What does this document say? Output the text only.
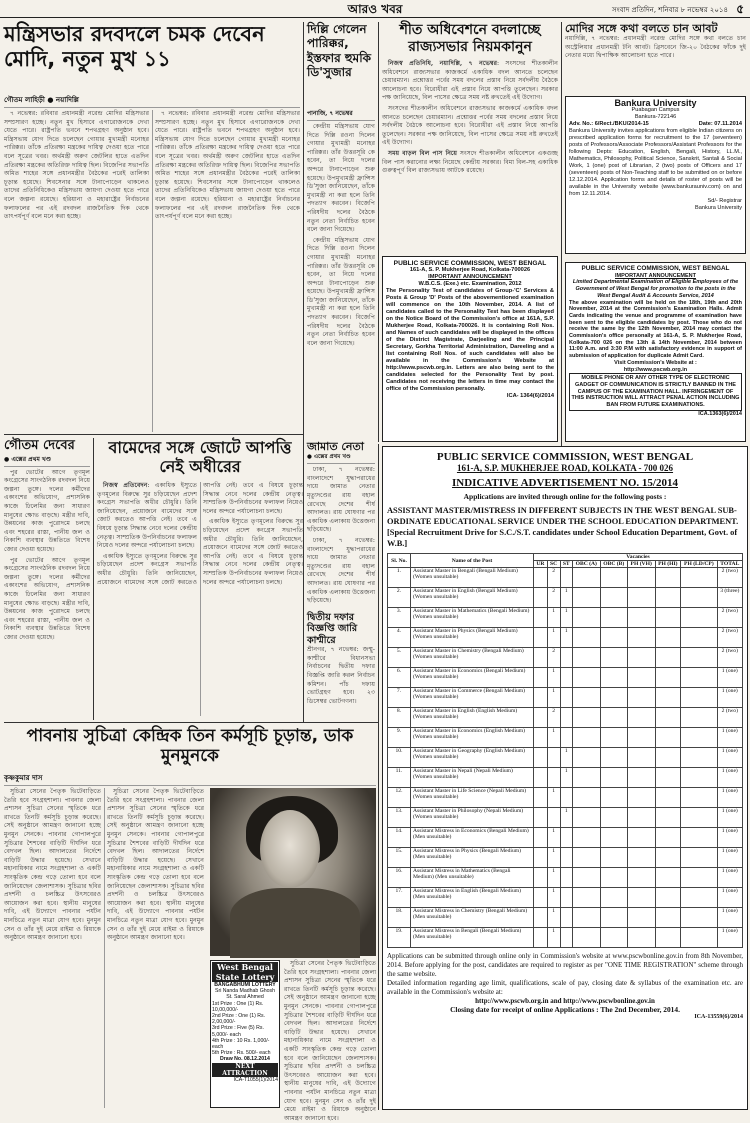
আরও খবর	সংবাদ প্রতিদিন, শনিবার ৮ নভেম্বর ২০১৪ ৫
মন্ত্রিসভার রদবদলে চমক দেবেন মোদি, নতুন মুখ ১১
গৌতম লাহিড়ী ● নয়াদিল্লি

৭ নভেম্বর: রবিবার প্রধানমন্ত্রী নরেন্দ্র মোদির মন্ত্রিসভার সম্প্রসারণ হচ্ছে। নতুন মুখ হিসাবে এগারোজনকে দেখা যেতে পারে। রাষ্ট্রপতি ভবনে শপথগ্রহণ অনুষ্ঠান হবে। মন্ত্রিসভায় যোগ দিতে চলেছেন গোয়ার মুখ্যমন্ত্রী মনোহর পারিক্কর। তাঁকে প্রতিরক্ষা মন্ত্রকের দায়িত্ব দেওয়া হতে পারে বলে সূত্রের খবর। অর্থমন্ত্রী অরুণ জেটলির হাতে এতদিন প্রতিরক্ষা মন্ত্রকের অতিরিক্ত দায়িত্ব ছিল। বিজেপির সভাপতি অমিত শাহের সঙ্গে প্রধানমন্ত্রীর বৈঠকের পরেই তালিকা চূড়ান্ত হয়েছে। শিবসেনার সঙ্গে টানাপোড়েন থাকলেও তাদের প্রতিনিধিকেও মন্ত্রিসভায় জায়গা দেওয়া হতে পারে বলে জল্পনা রয়েছে। হরিয়ানা ও মহারাষ্ট্রের নির্বাচনের ফলাফলের পর এই রদবদল রাজনৈতিক দিক থেকে তাৎপর্যপূর্ণ বলে মনে করা হচ্ছে।

৭ নভেম্বর: রবিবার প্রধানমন্ত্রী নরেন্দ্র মোদির মন্ত্রিসভার সম্প্রসারণ হচ্ছে। নতুন মুখ হিসাবে এগারোজনকে দেখা যেতে পারে। রাষ্ট্রপতি ভবনে শপথগ্রহণ অনুষ্ঠান হবে। মন্ত্রিসভায় যোগ দিতে চলেছেন গোয়ার মুখ্যমন্ত্রী মনোহর পারিক্কর। তাঁকে প্রতিরক্ষা মন্ত্রকের দায়িত্ব দেওয়া হতে পারে বলে সূত্রের খবর। অর্থমন্ত্রী অরুণ জেটলির হাতে এতদিন প্রতিরক্ষা মন্ত্রকের অতিরিক্ত দায়িত্ব ছিল। বিজেপির সভাপতি অমিত শাহের সঙ্গে প্রধানমন্ত্রীর বৈঠকের পরেই তালিকা চূড়ান্ত হয়েছে। শিবসেনার সঙ্গে টানাপোড়েন থাকলেও তাদের প্রতিনিধিকেও মন্ত্রিসভায় জায়গা দেওয়া হতে পারে বলে জল্পনা রয়েছে। হরিয়ানা ও মহারাষ্ট্রের নির্বাচনের ফলাফলের পর এই রদবদল রাজনৈতিক দিক থেকে তাৎপর্যপূর্ণ বলে মনে করা হচ্ছে।

দিল্লি গেলেন পারিক্কর, ইস্তফার হুমকি ডি'সুজার
পানাজি, ৭ নভেম্বর

কেন্দ্রীয় মন্ত্রিসভায় যোগ দিতে দিল্লি রওনা দিলেন গোয়ার মুখ্যমন্ত্রী মনোহর পারিক্কর। তাঁর উত্তরসূরি কে হবেন, তা নিয়ে দলের অন্দরে টানাপোড়েন শুরু হয়েছে। উপমুখ্যমন্ত্রী ফ্রান্সিস ডি'সুজা জানিয়েছেন, তাঁকে মুখ্যমন্ত্রী না করা হলে তিনি পদত্যাগ করবেন। বিজেপি পরিষদীয় দলের বৈঠকে নতুন নেতা নির্বাচিত হবেন বলে জানা গিয়েছে।

কেন্দ্রীয় মন্ত্রিসভায় যোগ দিতে দিল্লি রওনা দিলেন গোয়ার মুখ্যমন্ত্রী মনোহর পারিক্কর। তাঁর উত্তরসূরি কে হবেন, তা নিয়ে দলের অন্দরে টানাপোড়েন শুরু হয়েছে। উপমুখ্যমন্ত্রী ফ্রান্সিস ডি'সুজা জানিয়েছেন, তাঁকে মুখ্যমন্ত্রী না করা হলে তিনি পদত্যাগ করবেন। বিজেপি পরিষদীয় দলের বৈঠকে নতুন নেতা নির্বাচিত হবেন বলে জানা গিয়েছে।

শীত অধিবেশনে বদলাচ্ছে রাজ্যসভার নিয়মকানুন

নিজস্ব প্রতিনিধি, নয়াদিল্লি, ৭ নভেম্বর: সংসদের শীতকালীন অধিবেশনে রাজ্যসভার কাজকর্মে একাধিক বদল আনতে চলেছেন চেয়ারম্যান। প্রশ্নোত্তর পর্বের সময় বদলের প্রস্তাব নিয়ে সর্বদলীয় বৈঠকে আলোচনা হবে। বিরোধীরা এই প্রস্তাব নিয়ে আপত্তি তুলেছেন। সরকার পক্ষ জানিয়েছে, বিল পাসের ক্ষেত্রে সময় নষ্ট রুখতেই এই উদ্যোগ।

সংসদের শীতকালীন অধিবেশনে রাজ্যসভার কাজকর্মে একাধিক বদল আনতে চলেছেন চেয়ারম্যান। প্রশ্নোত্তর পর্বের সময় বদলের প্রস্তাব নিয়ে সর্বদলীয় বৈঠকে আলোচনা হবে। বিরোধীরা এই প্রস্তাব নিয়ে আপত্তি তুলেছেন। সরকার পক্ষ জানিয়েছে, বিল পাসের ক্ষেত্রে সময় নষ্ট রুখতেই এই উদ্যোগ।

সময় বাড়ল বিল পাস নিয়ে সংসদে শীতকালীন অধিবেশনে একগুচ্ছ বিল পাস করানোর লক্ষ্য নিয়েছে কেন্দ্রীয় সরকার। বিমা বিল-সহ একাধিক গুরুত্বপূর্ণ বিল রাজ্যসভায় আটকে রয়েছে।

মোদির সঙ্গে কথা বলতে চান আবট
নয়াদিল্লি, ৭ নভেম্বর: প্রধানমন্ত্রী নরেন্দ্র মোদির সঙ্গে কথা বলতে চান অস্ট্রেলিয়ার প্রধানমন্ত্রী টনি আবট। ব্রিসবেনে জি-২০ বৈঠকের ফাঁকে দুই নেতার মধ্যে দ্বিপাক্ষিক আলোচনা হতে পারে।
Bankura University
Puabagan Campus
Bankura-722146
Adv. No.: 6/Rect./BKU/2014-15	Date: 07.11.2014
Bankura University invites applications from eligible Indian citizens on prescribed application forms for recruitment to the 17 (seventeen) posts of Professors/Associate Professors/Assistant Professors for the following Depts: Education, English, Bengali, History, LL.M., Mathematics, Philosophy, Political Science, Sanskrit, Santali & Social Work, 1 (one) post of Librarian, 2 (two) posts of Officers and 17 (seventeen) posts of Non-Teaching staff to be submitted on or before 12.12.2014. Application forms and details of roster of posts will be available in the University website (www.bankurauniv.com) on and from 12.11.2014.
Sd/- Registrar
Bankura University
PUBLIC SERVICE COMMISSION, WEST BENGAL
161-A, S. P. Mukherjee Road, Kolkata-700026
IMPORTANT ANNOUNCEMENT
W.B.C.S. (Exe.) etc. Examination, 2012
The Personality Test of candidates of Group-'C' Services & Posts & Group 'D' Posts of the abovementioned examination will commence on the 10th November, 2014. A list of candidates called to the Personality Test has been displayed on the Notice Board of the Commission's office at 161A, S.P. Mukherjee Road, Kolkata-700026. It is containing Roll Nos. and Names of such candidates will be displayed in the offices of the District Magistrate, Darjeeling and the Principal Secretary, Gorkha Territorial Administration, Dareeling and a list containing Roll Nos. of such candidates will also be available in the Commission's Website at http://www.pscwb.org.in. Letters are also being sent to the candidates selected for the Personality Test by post. Candidates not receiving the letters in time may contact the office of the Commission personally.
ICA- 1364(6)/2014
PUBLIC SERVICE COMMISSION, WEST BENGAL
IMPORTANT ANNOUNCEMENT
Limited Departmental Examination of Eligible Employees of the Government of West Bengal for promotion to the posts in the West Bengal Audit & Accounts Service, 2014
The above examination will be held on the 18th, 19th and 20th November, 2014 at the Commission's Examination Halls. Admit Cards indicating the venue and programme of examination have been sent to the eligible candidates by post. Those who do not receive the same by the 12th November, 2014 may contact the Commission's office personally at 161-A, S. P. Mukherjee Road, Kolkata-700 026 on the 13th & 14th November, 2014 between 11:00 A.m. and 3:30 P.M with satisfactory evidence in support of submission of application for duplicate Admit Card.
Visit Commission's Website at :
http://www.pscwb.org.in
MOBILE PHONE OR ANY OTHER TYPE OF ELECTRONIC GADGET OF COMMUNICATION IS STRICTLY BANNED IN THE CAMPUS OF THE EXAMINATION HALL. INFRINGEMENT OF THIS INSTRUCTION WILL ATTRACT PENAL ACTION INCLUDING BAN FROM FUTURE EXAMINATIONS.
ICA.1363(6)/2014
গৌতম দেবের
● এক্সের প্রথম খণ্ড

পুর ভোটের আগে তৃণমূল কংগ্রেসের সাংগঠনিক রদবদল নিয়ে জল্পনা তুঙ্গে। দলের কর্মীদের একাংশের অভিযোগ, প্রশাসনিক কাজে ঢিলেমির জন্য সাধারণ মানুষের ক্ষোভ বাড়ছে। মন্ত্রীর দাবি, উন্নয়নের কাজ পুরোদমে চলছে এবং শহরের রাস্তা, পানীয় জল ও নিকাশি ব্যবস্থার উন্নতিতে বিশেষ জোর দেওয়া হয়েছে।

পুর ভোটের আগে তৃণমূল কংগ্রেসের সাংগঠনিক রদবদল নিয়ে জল্পনা তুঙ্গে। দলের কর্মীদের একাংশের অভিযোগ, প্রশাসনিক কাজে ঢিলেমির জন্য সাধারণ মানুষের ক্ষোভ বাড়ছে। মন্ত্রীর দাবি, উন্নয়নের কাজ পুরোদমে চলছে এবং শহরের রাস্তা, পানীয় জল ও নিকাশি ব্যবস্থার উন্নতিতে বিশেষ জোর দেওয়া হয়েছে।

বামেদের সঙ্গে জোটে আপত্তি নেই অধীরের

নিজস্ব প্রতিবেদন: একাধিক ইস্যুতে তৃণমূলের বিরুদ্ধে সুর চড়িয়েছেন প্রদেশ কংগ্রেস সভাপতি অধীর চৌধুরি। তিনি জানিয়েছেন, প্রয়োজনে বামেদের সঙ্গে জোট করতেও আপত্তি নেই। তবে এ বিষয়ে চূড়ান্ত সিদ্ধান্ত নেবে দলের কেন্দ্রীয় নেতৃত্ব। সাম্প্রতিক উপনির্বাচনের ফলাফল নিয়েও দলের অন্দরে পর্যালোচনা চলছে।

একাধিক ইস্যুতে তৃণমূলের বিরুদ্ধে সুর চড়িয়েছেন প্রদেশ কংগ্রেস সভাপতি অধীর চৌধুরি। তিনি জানিয়েছেন, প্রয়োজনে বামেদের সঙ্গে জোট করতেও আপত্তি নেই। তবে এ বিষয়ে চূড়ান্ত সিদ্ধান্ত নেবে দলের কেন্দ্রীয় নেতৃত্ব। সাম্প্রতিক উপনির্বাচনের ফলাফল নিয়েও দলের অন্দরে পর্যালোচনা চলছে।

একাধিক ইস্যুতে তৃণমূলের বিরুদ্ধে সুর চড়িয়েছেন প্রদেশ কংগ্রেস সভাপতি অধীর চৌধুরি। তিনি জানিয়েছেন, প্রয়োজনে বামেদের সঙ্গে জোট করতেও আপত্তি নেই। তবে এ বিষয়ে চূড়ান্ত সিদ্ধান্ত নেবে দলের কেন্দ্রীয় নেতৃত্ব। সাম্প্রতিক উপনির্বাচনের ফলাফল নিয়েও দলের অন্দরে পর্যালোচনা চলছে।

জামাত নেতা
● এক্সের প্রথম খণ্ড

ঢাকা, ৭ নভেম্বর: বাংলাদেশে যুদ্ধাপরাধের দায়ে জামাত নেতার মৃত্যুদণ্ডের রায় বহাল রেখেছে দেশের শীর্ষ আদালত। রায় ঘোষণার পর একাধিক এলাকায় উত্তেজনা ছড়িয়েছে।

ঢাকা, ৭ নভেম্বর: বাংলাদেশে যুদ্ধাপরাধের দায়ে জামাত নেতার মৃত্যুদণ্ডের রায় বহাল রেখেছে দেশের শীর্ষ আদালত। রায় ঘোষণার পর একাধিক এলাকায় উত্তেজনা ছড়িয়েছে।

দ্বিতীয় দফার বিজ্ঞপ্তি জারি কাশ্মীরে
শ্রীনগর, ৭ নভেম্বর: জম্মু-কাশ্মীরে বিধানসভা নির্বাচনের দ্বিতীয় দফার বিজ্ঞপ্তি জারি করল নির্বাচন কমিশন। পাঁচ দফায় ভোটগ্রহণ হবে। ২৩ ডিসেম্বর ভোটগণনা।
পাবনায় সুচিত্রা কেন্দ্রিক তিন কর্মসূচি চূড়ান্ত, ডাক মুনমুনকে
কৃষ্ণকুমার দাস

সুচিত্রা সেনের পৈতৃক ভিটেবাড়িতে তৈরি হবে সংগ্রহশালা। পাবনার জেলা প্রশাসন সুচিত্রা সেনের স্মৃতিকে ধরে রাখতে তিনটি কর্মসূচি চূড়ান্ত করেছে। সেই অনুষ্ঠানে আমন্ত্রণ জানানো হচ্ছে মুনমুন সেনকে। পাবনার গোপালপুরে সুচিত্রার শৈশবের বাড়িটি দীর্ঘদিন ধরে বেদখল ছিল। আদালতের নির্দেশে বাড়িটি উদ্ধার হয়েছে। সেখানে মহানায়িকার নামে সংগ্রহশালা ও একটি সাংস্কৃতিক কেন্দ্র গড়ে তোলা হবে বলে জানিয়েছেন জেলাশাসক। সুচিত্রার ছবির প্রদর্শনী ও চলচ্চিত্র উৎসবেরও আয়োজন করা হবে। স্থানীয় মানুষের দাবি, এই উদ্যোগে পাবনার পর্যটন মানচিত্রে নতুন মাত্রা যোগ হবে। মুনমুন সেন ও তাঁর দুই মেয়ে রাইমা ও রিয়াকে অনুষ্ঠানে আমন্ত্রণ জানানো হবে।

সুচিত্রা সেনের পৈতৃক ভিটেবাড়িতে তৈরি হবে সংগ্রহশালা। পাবনার জেলা প্রশাসন সুচিত্রা সেনের স্মৃতিকে ধরে রাখতে তিনটি কর্মসূচি চূড়ান্ত করেছে। সেই অনুষ্ঠানে আমন্ত্রণ জানানো হচ্ছে মুনমুন সেনকে। পাবনার গোপালপুরে সুচিত্রার শৈশবের বাড়িটি দীর্ঘদিন ধরে বেদখল ছিল। আদালতের নির্দেশে বাড়িটি উদ্ধার হয়েছে। সেখানে মহানায়িকার নামে সংগ্রহশালা ও একটি সাংস্কৃতিক কেন্দ্র গড়ে তোলা হবে বলে জানিয়েছেন জেলাশাসক। সুচিত্রার ছবির প্রদর্শনী ও চলচ্চিত্র উৎসবেরও আয়োজন করা হবে। স্থানীয় মানুষের দাবি, এই উদ্যোগে পাবনার পর্যটন মানচিত্রে নতুন মাত্রা যোগ হবে। মুনমুন সেন ও তাঁর দুই মেয়ে রাইমা ও রিয়াকে অনুষ্ঠানে আমন্ত্রণ জানানো হবে।

সুচিত্রা সেনের পৈতৃক ভিটেবাড়িতে তৈরি হবে সংগ্রহশালা। পাবনার জেলা প্রশাসন সুচিত্রা সেনের স্মৃতিকে ধরে রাখতে তিনটি কর্মসূচি চূড়ান্ত করেছে। সেই অনুষ্ঠানে আমন্ত্রণ জানানো হচ্ছে মুনমুন সেনকে। পাবনার গোপালপুরে সুচিত্রার শৈশবের বাড়িটি দীর্ঘদিন ধরে বেদখল ছিল। আদালতের নির্দেশে বাড়িটি উদ্ধার হয়েছে। সেখানে মহানায়িকার নামে সংগ্রহশালা ও একটি সাংস্কৃতিক কেন্দ্র গড়ে তোলা হবে বলে জানিয়েছেন জেলাশাসক। সুচিত্রার ছবির প্রদর্শনী ও চলচ্চিত্র উৎসবেরও আয়োজন করা হবে। স্থানীয় মানুষের দাবি, এই উদ্যোগে পাবনার পর্যটন মানচিত্রে নতুন মাত্রা যোগ হবে। মুনমুন সেন ও তাঁর দুই মেয়ে রাইমা ও রিয়াকে অনুষ্ঠানে আমন্ত্রণ জানানো হবে।

West Bengal State Lottery
BANGABHUMI LOTTERY
Sri Nanda Madhab Ghosh
St. Saral Ahmed
1st Prize : One (1) Rs. 10,00,000/-
2nd Prize : One (1) Rs. 2,00,000/-
3rd Prize : Five (5) Rs. 5,000/- each
4th Prize : 10 Rs. 1,000/- each
5th Prize : Rs. 500/- each
Draw No. 08.12.2014
NEXT ATTRACTION
ICA-T1055(1)/2014
PUBLIC SERVICE COMMISSION, WEST BENGAL
161-A, S.P. MUKHERJEE ROAD, KOLKATA - 700 026
INDICATIVE ADVERTISEMENT NO. 15/2014
Applications are invited through online for the following posts :
ASSISTANT MASTER/MISTRESS IN DIFFERENT SUBJECTS IN THE WEST BENGAL SUB-ORDINATE EDUCATIONAL SERVICE UNDER THE SCHOOL EDUCATION DEPARTMENT. [Special Recruitment Drive for S.C./S.T. candidates under School Education Department, Govt. of W.B.]
Sl. No.	Name of the Post	Vacancies								
		UR	SC	ST	OBC (A)	OBC (B)	PH (VH)	PH (HI)	PH (LD/CP)	TOTAL
1.	Assistant Master in Bengali (Bengali Medium) (Women unsuitable)		2							2 (two)
2.	Assistant Master in English (Bengali Medium) (Women unsuitable)		2	1						3 (three)
3.	Assistant Master in Mathematics (Bengali Medium) (Women unsuitable)		1	1						2 (two)
4.	Assistant Master in Physics (Bengali Medium) (Women unsuitable)		1	1						2 (two)
5.	Assistant Master in Chemistry (Bengali Medium) (Women unsuitable)		2							2 (two)
6.	Assistant Master in Economics (Bengali Medium) (Women unsuitable)		1							1 (one)
7.	Assistant Master in Commerce (Bengali Medium) (Women unsuitable)		1							1 (one)
8.	Assistant Master in English (English Medium) (Women unsuitable)		2							2 (two)
9.	Assistant Master in Economics (English Medium) (Women unsuitable)		1							1 (one)
10.	Assistant Master in Geography (English Medium) (Women unsuitable)			1						1 (one)
11.	Assistant Master in Nepali (Nepali Medium) (Women unsuitable)			1						1 (one)
12.	Assistant Master in Life Science (Nepali Medium) (Women unsuitable)		1							1 (one)
13.	Assistant Master in Philosophy (Nepali Medium) (Women unsuitable)			1						1 (one)
14.	Assistant Mistress in Economics (Bengali Medium) (Men unsuitable)		1							1 (one)
15.	Assistant Mistress in Physics (Bengali Medium) (Men unsuitable)		1							1 (one)
16.	Assistant Mistress in Mathematics (Bengali Medium) (Men unsuitable)		1							1 (one)
17.	Assistant Mistress in English (Bengali Medium) (Men unsuitable)		1							1 (one)
18.	Assistant Mistress in Chemistry (Bengali Medium) (Men unsuitable)		1							1 (one)
19.	Assistant Mistress in Bengali (Bengali Medium) (Men unsuitable)		1							1 (one)
Applications can be submitted through online only in Commission's website at www.pscwbonline.gov.in from 8th November, 2014. Before applying for the post, candidates are required to register as per "ONE TIME REGISTRATION" scheme through the same website.
Detailed information regarding age limit, qualifications, scale of pay, closing date & syllabus of the examination etc. are available in the Commission's website at:
http://www.pscwb.org.in and http://www.pscwbonline.gov.in
Closing date for receipt of online Applications : The 2nd December, 2014.
ICA-13559(6)/2014
